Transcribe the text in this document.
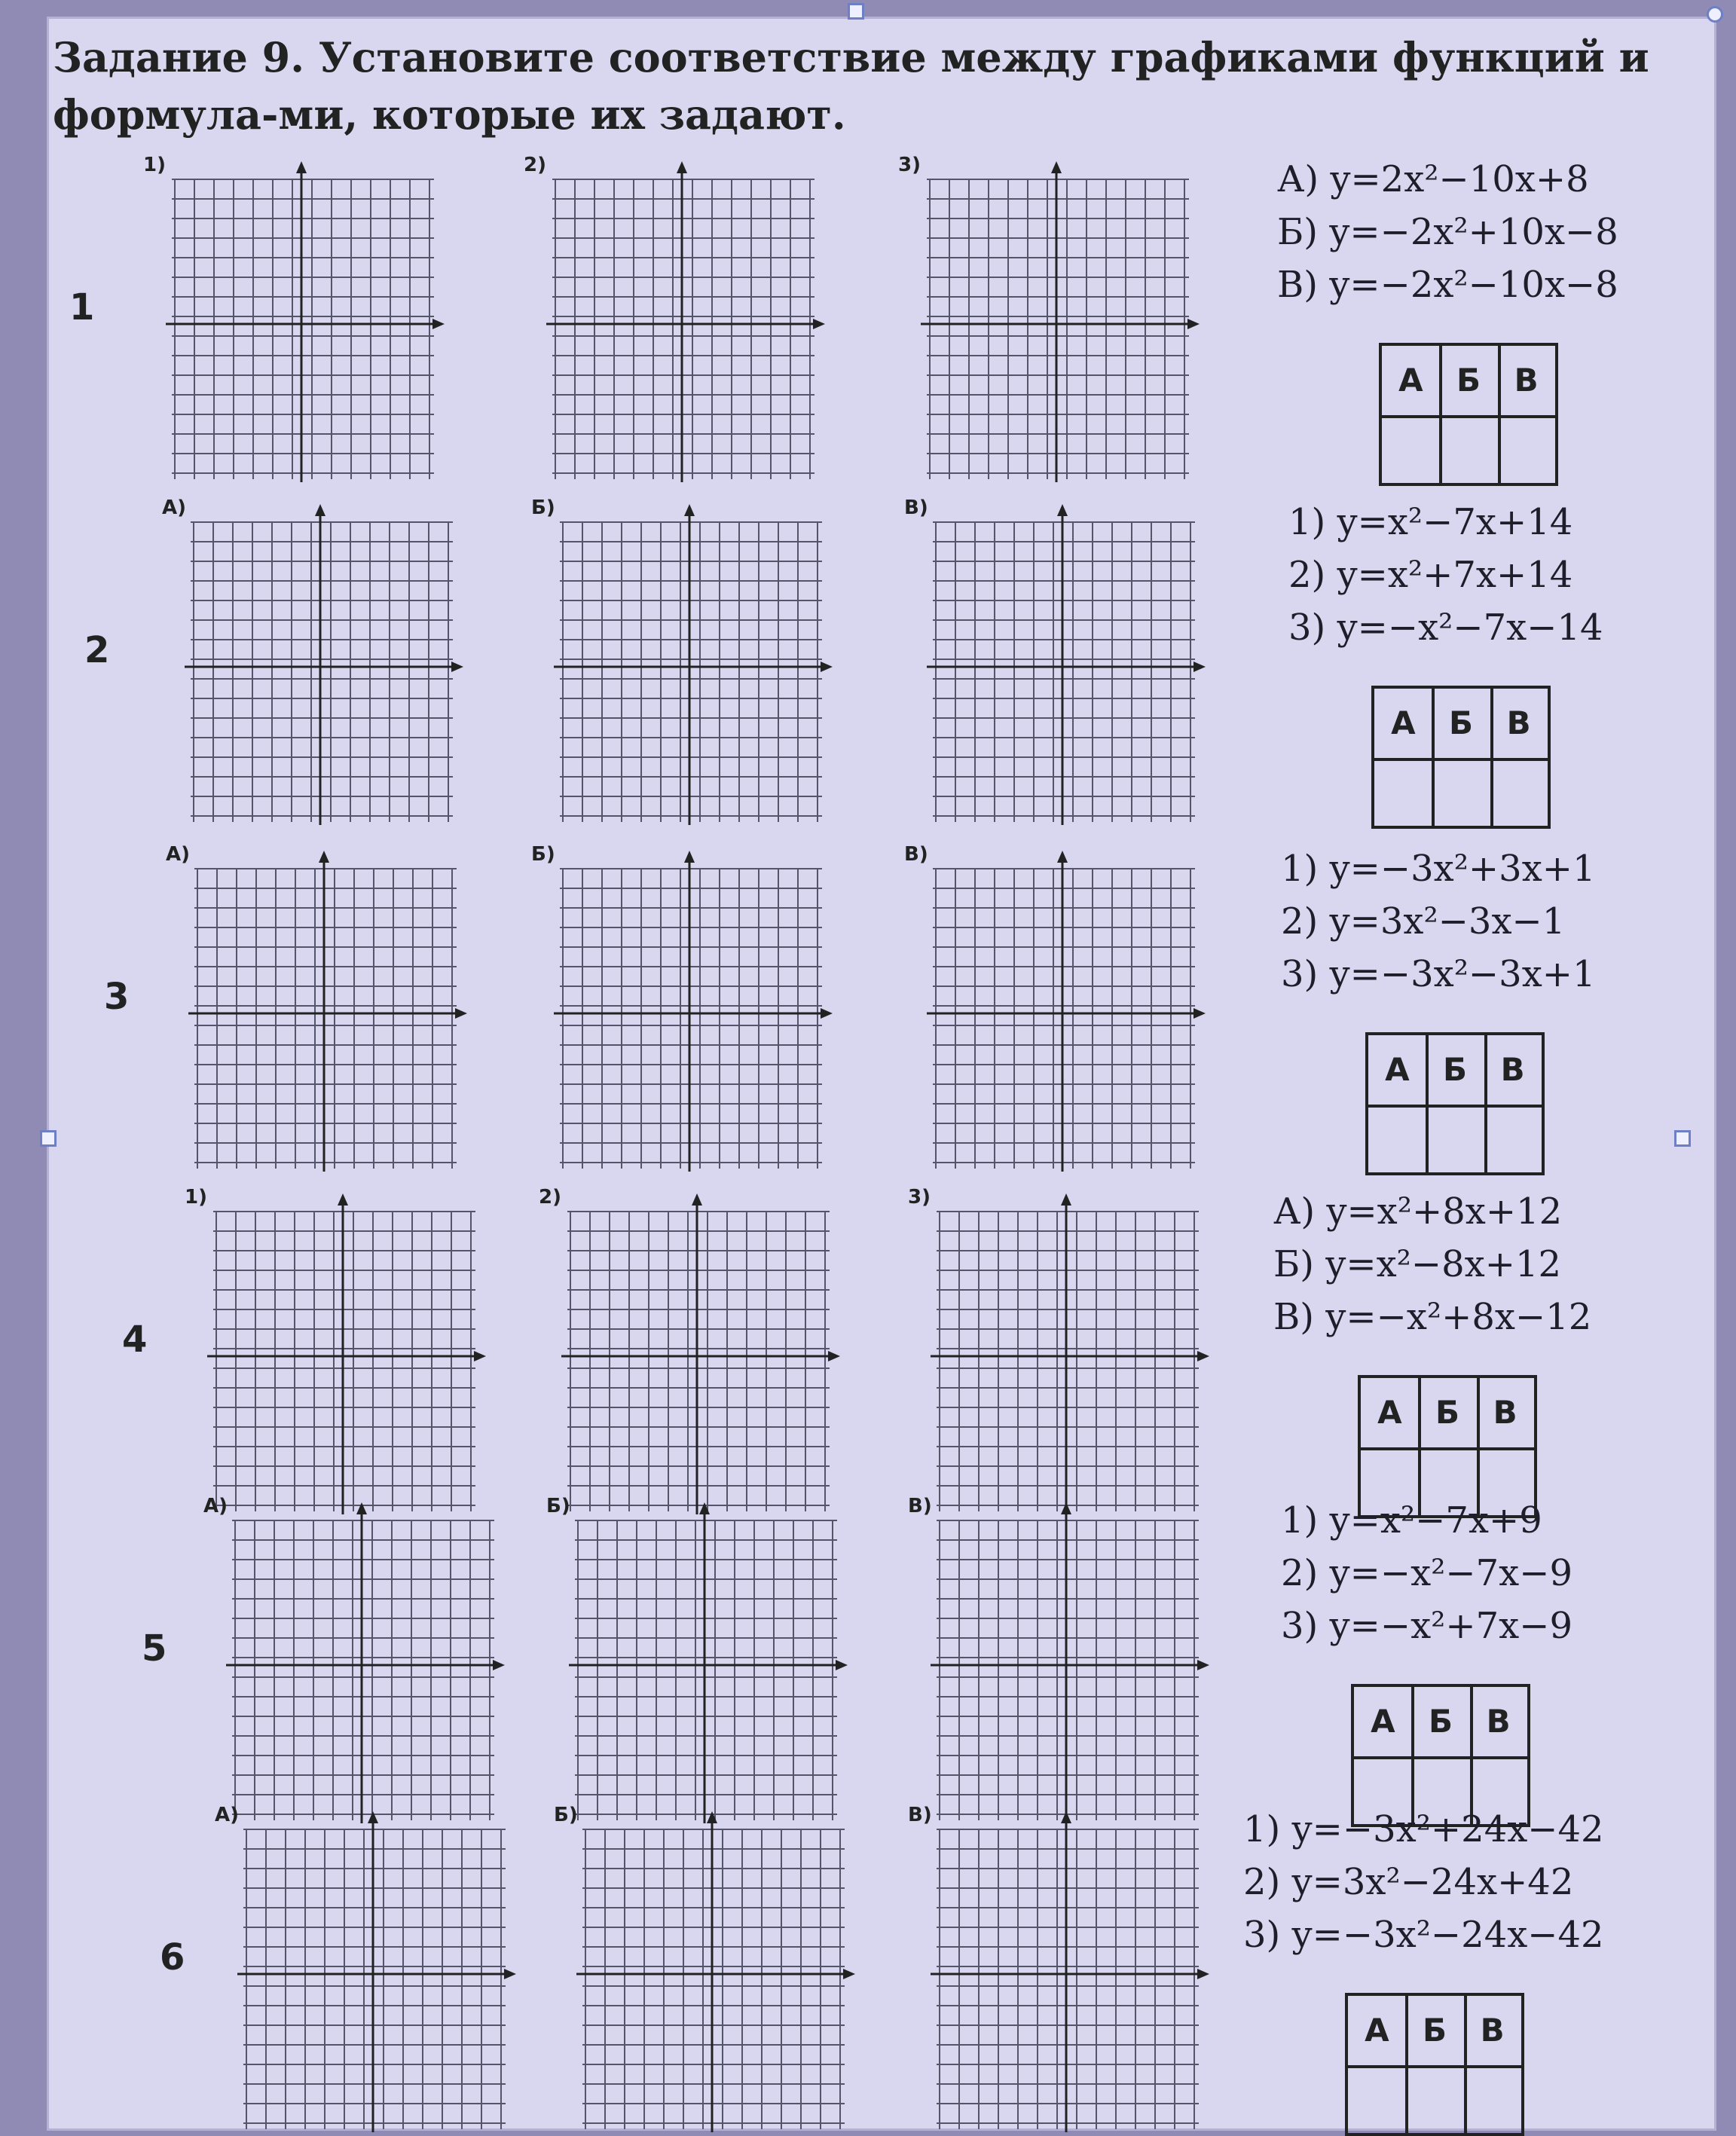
Задание 9. Установите соответствие между графиками функций и формула-ми, которые их задают.

1
1)	2)	3)	А) y=2x²−10x+8
Б) y=−2x²+10x−8
В) y=−2x²−10x−8
А	Б	В
2
А)	Б)	В)	1) y=x²−7x+14
2) y=x²+7x+14
3) y=−x²−7x−14
А	Б	В
3
А)	Б)	В)	1) y=−3x²+3x+1
2) y=3x²−3x−1
3) y=−3x²−3x+1
А	Б	В
4
1)	2)	3)	А) y=x²+8x+12
Б) y=x²−8x+12
В) y=−x²+8x−12
А	Б	В
5
А)	Б)	В)	1) y=x²−7x+9
2) y=−x²−7x−9
3) y=−x²+7x−9
А	Б	В
6
А)	Б)	В)	1) y=−3x²+24x−42
2) y=3x²−24x+42
3) y=−3x²−24x−42
А	Б	В
